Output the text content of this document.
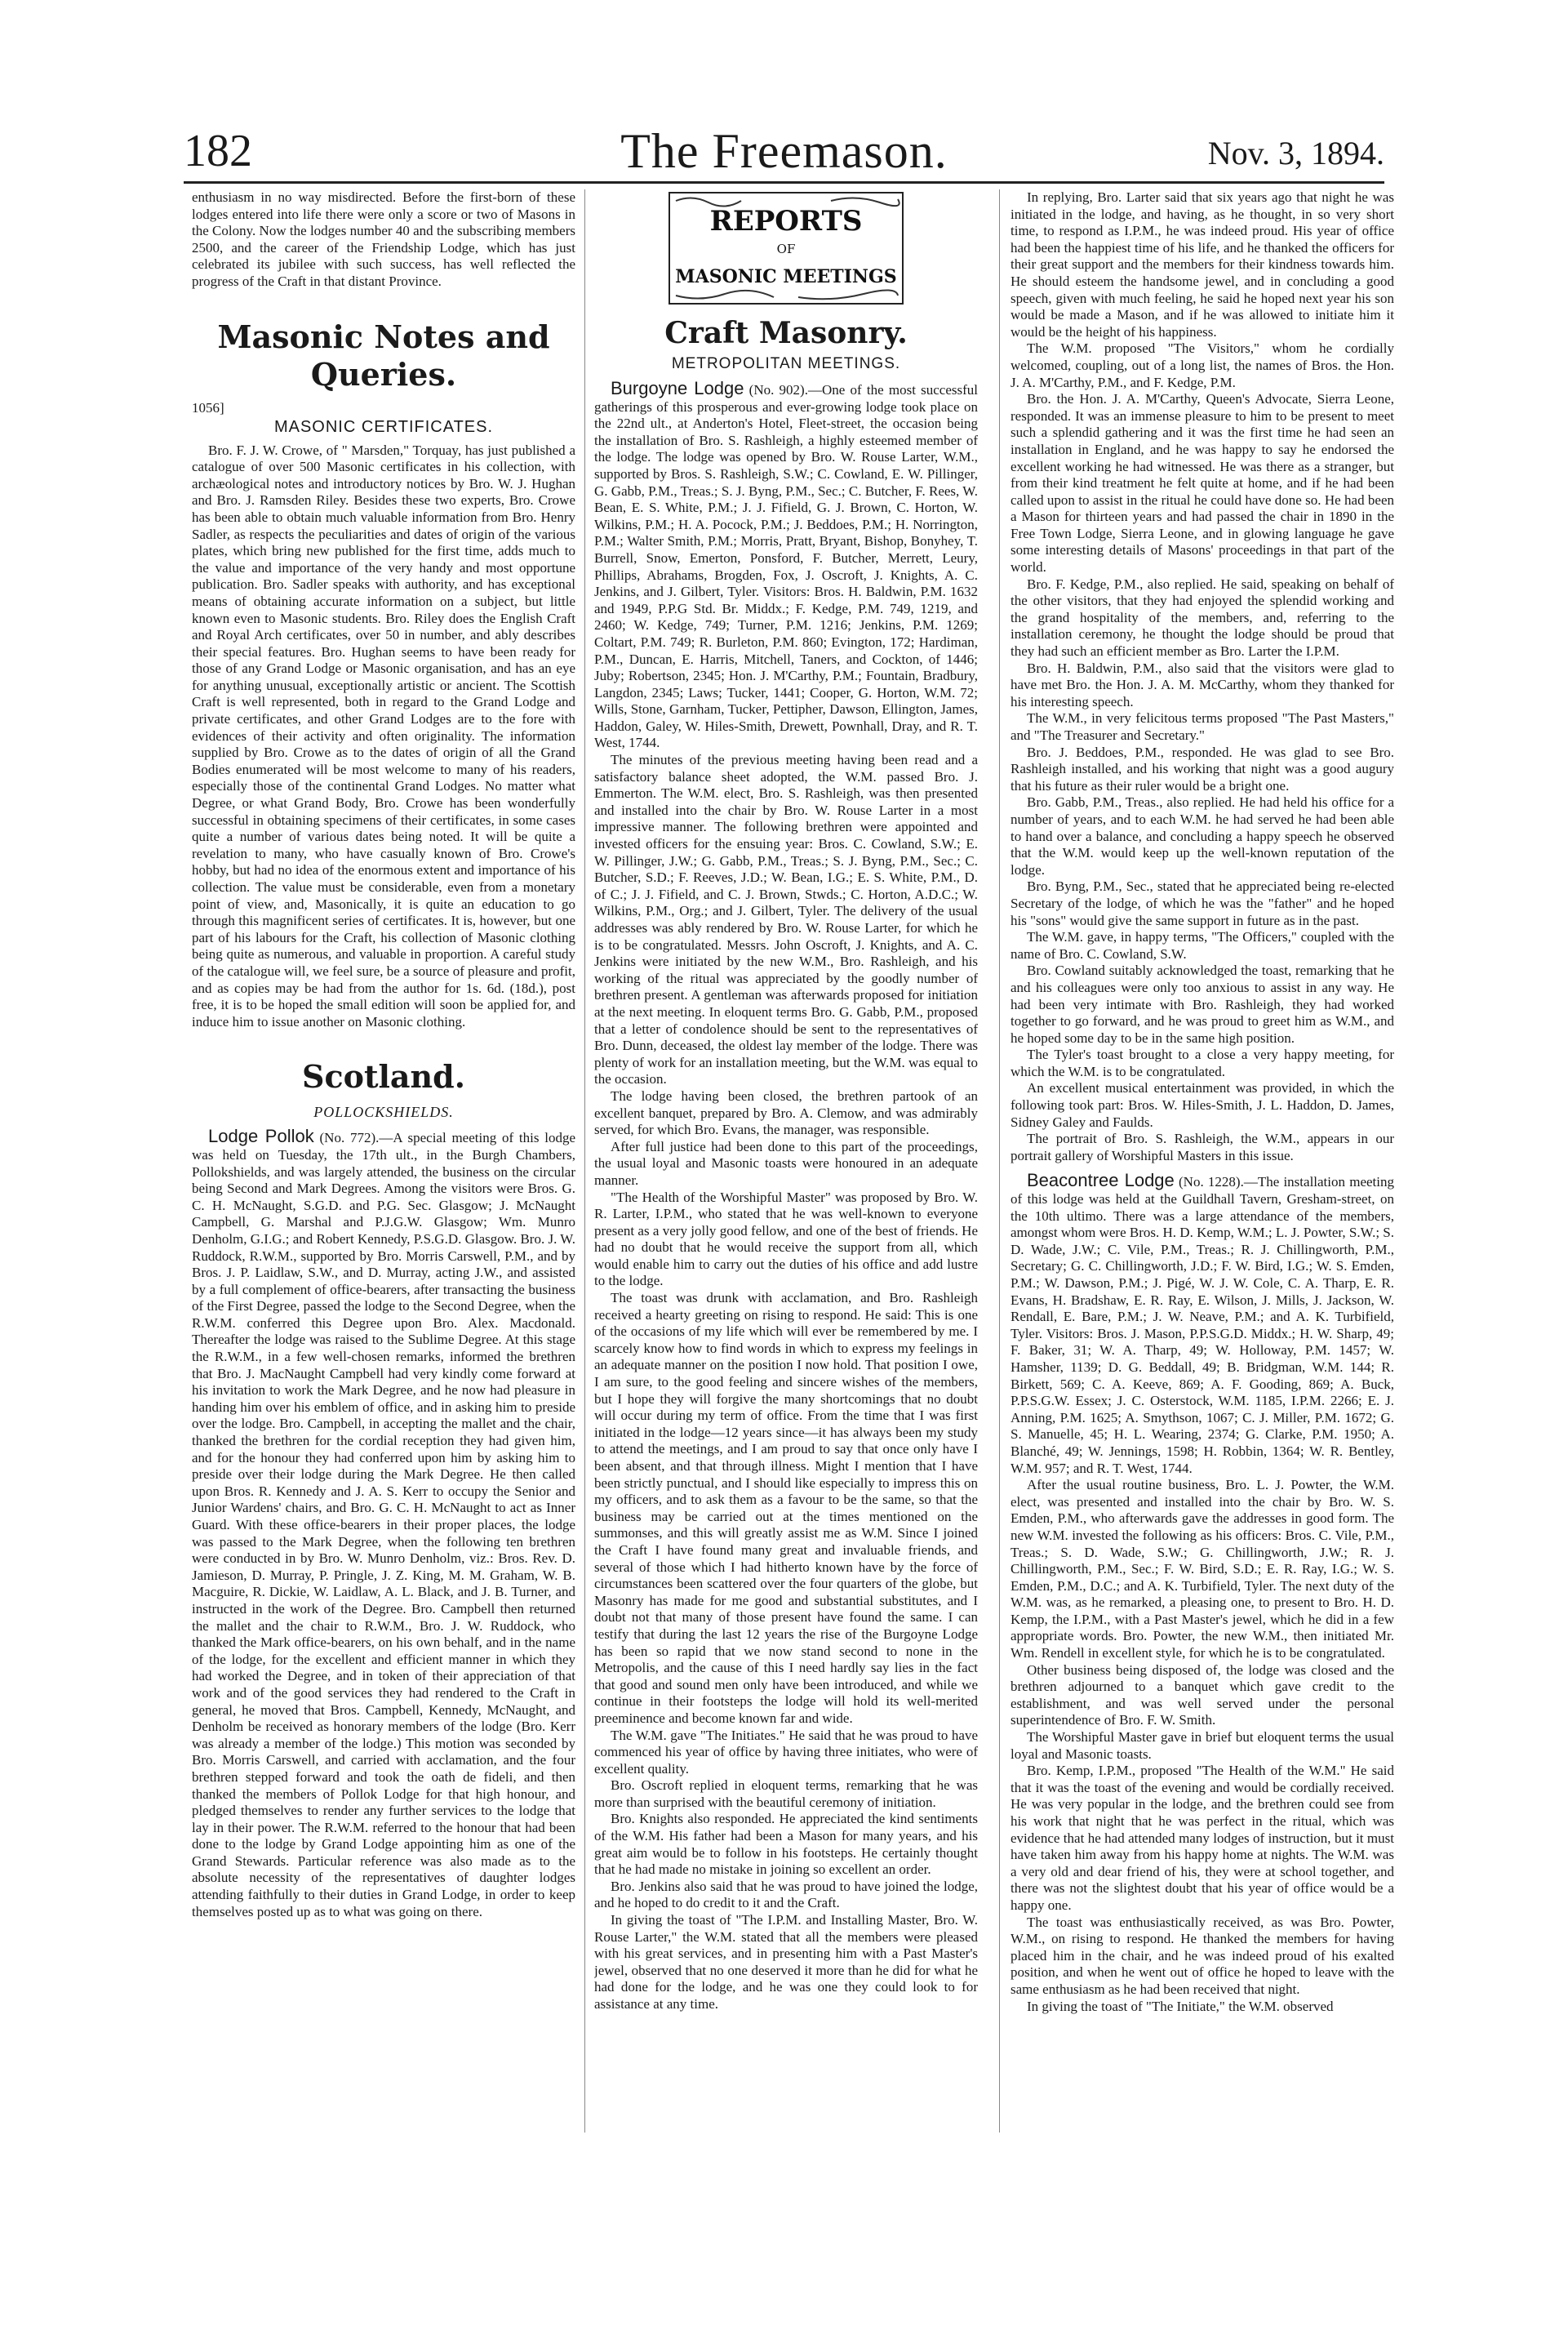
182	The Freemason.	Nov. 3, 1894.

enthusiasm in no way misdirected. Before the first-born of these lodges entered into life there were only a score or two of Masons in the Colony. Now the lodges number 40 and the subscribing members 2500, and the career of the Friendship Lodge, which has just celebrated its jubilee with such success, has well reflected the progress of the Craft in that distant Province.

Masonic Notes and Queries.
1056]
MASONIC CERTIFICATES.

Bro. F. J. W. Crowe, of " Marsden," Torquay, has just published a catalogue of over 500 Masonic certificates in his collection, with archæological notes and introductory notices by Bro. W. J. Hughan and Bro. J. Ramsden Riley. Besides these two experts, Bro. Crowe has been able to obtain much valuable information from Bro. Henry Sadler, as respects the peculiarities and dates of origin of the various plates, which bring new published for the first time, adds much to the value and importance of the very handy and most opportune publication. Bro. Sadler speaks with authority, and has exceptional means of obtaining accurate information on a subject, but little known even to Masonic students. Bro. Riley does the English Craft and Royal Arch certificates, over 50 in number, and ably describes their special features. Bro. Hughan seems to have been ready for those of any Grand Lodge or Masonic organisation, and has an eye for anything unusual, exceptionally artistic or ancient. The Scottish Craft is well represented, both in regard to the Grand Lodge and private certificates, and other Grand Lodges are to the fore with evidences of their activity and often originality. The information supplied by Bro. Crowe as to the dates of origin of all the Grand Bodies enumerated will be most welcome to many of his readers, especially those of the continental Grand Lodges. No matter what Degree, or what Grand Body, Bro. Crowe has been wonderfully successful in obtaining specimens of their certificates, in some cases quite a number of various dates being noted. It will be quite a revelation to many, who have casually known of Bro. Crowe's hobby, but had no idea of the enormous extent and importance of his collection. The value must be considerable, even from a monetary point of view, and, Masonically, it is quite an education to go through this magnificent series of certificates. It is, however, but one part of his labours for the Craft, his collection of Masonic clothing being quite as numerous, and valuable in proportion. A careful study of the catalogue will, we feel sure, be a source of pleasure and profit, and as copies may be had from the author for 1s. 6d. (18d.), post free, it is to be hoped the small edition will soon be applied for, and induce him to issue another on Masonic clothing.

Scotland.
POLLOCKSHIELDS.

Lodge Pollok (No. 772).—A special meeting of this lodge was held on Tuesday, the 17th ult., in the Burgh Chambers, Pollokshields, and was largely attended, the business on the circular being Second and Mark Degrees. Among the visitors were Bros. G. C. H. McNaught, S.G.D. and P.G. Sec. Glasgow; J. McNaught Campbell, G. Marshal and P.J.G.W. Glasgow; Wm. Munro Denholm, G.I.G.; and Robert Kennedy, P.S.G.D. Glasgow. Bro. J. W. Ruddock, R.W.M., supported by Bro. Morris Carswell, P.M., and by Bros. J. P. Laidlaw, S.W., and D. Murray, acting J.W., and assisted by a full complement of office-bearers, after transacting the business of the First Degree, passed the lodge to the Second Degree, when the R.W.M. conferred this Degree upon Bro. Alex. Macdonald. Thereafter the lodge was raised to the Sublime Degree. At this stage the R.W.M., in a few well-chosen remarks, informed the brethren that Bro. J. MacNaught Campbell had very kindly come forward at his invitation to work the Mark Degree, and he now had pleasure in handing him over his emblem of office, and in asking him to preside over the lodge. Bro. Campbell, in accepting the mallet and the chair, thanked the brethren for the cordial reception they had given him, and for the honour they had conferred upon him by asking him to preside over their lodge during the Mark Degree. He then called upon Bros. R. Kennedy and J. A. S. Kerr to occupy the Senior and Junior Wardens' chairs, and Bro. G. C. H. McNaught to act as Inner Guard. With these office-bearers in their proper places, the lodge was passed to the Mark Degree, when the following ten brethren were conducted in by Bro. W. Munro Denholm, viz.: Bros. Rev. D. Jamieson, D. Murray, P. Pringle, J. Z. King, M. M. Graham, W. B. Macguire, R. Dickie, W. Laidlaw, A. L. Black, and J. B. Turner, and instructed in the work of the Degree. Bro. Campbell then returned the mallet and the chair to R.W.M., Bro. J. W. Ruddock, who thanked the Mark office-bearers, on his own behalf, and in the name of the lodge, for the excellent and efficient manner in which they had worked the Degree, and in token of their appreciation of that work and of the good services they had rendered to the Craft in general, he moved that Bros. Campbell, Kennedy, McNaught, and Denholm be received as honorary members of the lodge (Bro. Kerr was already a member of the lodge.) This motion was seconded by Bro. Morris Carswell, and carried with acclamation, and the four brethren stepped forward and took the oath de fideli, and then thanked the members of Pollok Lodge for that high honour, and pledged themselves to render any further services to the lodge that lay in their power. The R.W.M. referred to the honour that had been done to the lodge by Grand Lodge appointing him as one of the Grand Stewards. Particular reference was also made as to the absolute necessity of the representatives of daughter lodges attending faithfully to their duties in Grand Lodge, in order to keep themselves posted up as to what was going on there.

REPORTS
OF
MASONIC MEETINGS
Craft Masonry.
METROPOLITAN MEETINGS.

Burgoyne Lodge (No. 902).—One of the most successful gatherings of this prosperous and ever-growing lodge took place on the 22nd ult., at Anderton's Hotel, Fleet-street, the occasion being the installation of Bro. S. Rashleigh, a highly esteemed member of the lodge. The lodge was opened by Bro. W. Rouse Larter, W.M., supported by Bros. S. Rashleigh, S.W.; C. Cowland, E. W. Pillinger, G. Gabb, P.M., Treas.; S. J. Byng, P.M., Sec.; C. Butcher, F. Rees, W. Bean, E. S. White, P.M.; J. J. Fifield, G. J. Brown, C. Horton, W. Wilkins, P.M.; H. A. Pocock, P.M.; J. Beddoes, P.M.; H. Norrington, P.M.; Walter Smith, P.M.; Morris, Pratt, Bryant, Bishop, Bonyhey, T. Burrell, Snow, Emerton, Ponsford, F. Butcher, Merrett, Leury, Phillips, Abrahams, Brogden, Fox, J. Oscroft, J. Knights, A. C. Jenkins, and J. Gilbert, Tyler. Visitors: Bros. H. Baldwin, P.M. 1632 and 1949, P.P.G Std. Br. Middx.; F. Kedge, P.M. 749, 1219, and 2460; W. Kedge, 749; Turner, P.M. 1216; Jenkins, P.M. 1269; Coltart, P.M. 749; R. Burleton, P.M. 860; Evington, 172; Hardiman, P.M., Duncan, E. Harris, Mitchell, Taners, and Cockton, of 1446; Juby; Robertson, 2345; Hon. J. M'Carthy, P.M.; Fountain, Bradbury, Langdon, 2345; Laws; Tucker, 1441; Cooper, G. Horton, W.M. 72; Wills, Stone, Garnham, Tucker, Pettipher, Dawson, Ellington, James, Haddon, Galey, W. Hiles-Smith, Drewett, Pownhall, Dray, and R. T. West, 1744.

The minutes of the previous meeting having been read and a satisfactory balance sheet adopted, the W.M. passed Bro. J. Emmerton. The W.M. elect, Bro. S. Rashleigh, was then presented and installed into the chair by Bro. W. Rouse Larter in a most impressive manner. The following brethren were appointed and invested officers for the ensuing year: Bros. C. Cowland, S.W.; E. W. Pillinger, J.W.; G. Gabb, P.M., Treas.; S. J. Byng, P.M., Sec.; C. Butcher, S.D.; F. Reeves, J.D.; W. Bean, I.G.; E. S. White, P.M., D. of C.; J. J. Fifield, and C. J. Brown, Stwds.; C. Horton, A.D.C.; W. Wilkins, P.M., Org.; and J. Gilbert, Tyler. The delivery of the usual addresses was ably rendered by Bro. W. Rouse Larter, for which he is to be congratulated. Messrs. John Oscroft, J. Knights, and A. C. Jenkins were initiated by the new W.M., Bro. Rashleigh, and his working of the ritual was appreciated by the goodly number of brethren present. A gentleman was afterwards proposed for initiation at the next meeting. In eloquent terms Bro. G. Gabb, P.M., proposed that a letter of condolence should be sent to the representatives of Bro. Dunn, deceased, the oldest lay member of the lodge. There was plenty of work for an installation meeting, but the W.M. was equal to the occasion.

The lodge having been closed, the brethren partook of an excellent banquet, prepared by Bro. A. Clemow, and was admirably served, for which Bro. Evans, the manager, was responsible.

After full justice had been done to this part of the proceedings, the usual loyal and Masonic toasts were honoured in an adequate manner.

"The Health of the Worshipful Master" was proposed by Bro. W. R. Larter, I.P.M., who stated that he was well-known to everyone present as a very jolly good fellow, and one of the best of friends. He had no doubt that he would receive the support from all, which would enable him to carry out the duties of his office and add lustre to the lodge.

The toast was drunk with acclamation, and Bro. Rashleigh received a hearty greeting on rising to respond. He said: This is one of the occasions of my life which will ever be remembered by me. I scarcely know how to find words in which to express my feelings in an adequate manner on the position I now hold. That position I owe, I am sure, to the good feeling and sincere wishes of the members, but I hope they will forgive the many shortcomings that no doubt will occur during my term of office. From the time that I was first initiated in the lodge—12 years since—it has always been my study to attend the meetings, and I am proud to say that once only have I been absent, and that through illness. Might I mention that I have been strictly punctual, and I should like especially to impress this on my officers, and to ask them as a favour to be the same, so that the business may be carried out at the times mentioned on the summonses, and this will greatly assist me as W.M. Since I joined the Craft I have found many great and invaluable friends, and several of those which I had hitherto known have by the force of circumstances been scattered over the four quarters of the globe, but Masonry has made for me good and substantial substitutes, and I doubt not that many of those present have found the same. I can testify that during the last 12 years the rise of the Burgoyne Lodge has been so rapid that we now stand second to none in the Metropolis, and the cause of this I need hardly say lies in the fact that good and sound men only have been introduced, and while we continue in their footsteps the lodge will hold its well-merited preeminence and become known far and wide.

The W.M. gave "The Initiates." He said that he was proud to have commenced his year of office by having three initiates, who were of excellent quality.

Bro. Oscroft replied in eloquent terms, remarking that he was more than surprised with the beautiful ceremony of initiation.

Bro. Knights also responded. He appreciated the kind sentiments of the W.M. His father had been a Mason for many years, and his great aim would be to follow in his footsteps. He certainly thought that he had made no mistake in joining so excellent an order.

Bro. Jenkins also said that he was proud to have joined the lodge, and he hoped to do credit to it and the Craft.

In giving the toast of "The I.P.M. and Installing Master, Bro. W. Rouse Larter," the W.M. stated that all the members were pleased with his great services, and in presenting him with a Past Master's jewel, observed that no one deserved it more than he did for what he had done for the lodge, and he was one they could look to for assistance at any time.

In replying, Bro. Larter said that six years ago that night he was initiated in the lodge, and having, as he thought, in so very short time, to respond as I.P.M., he was indeed proud. His year of office had been the happiest time of his life, and he thanked the officers for their great support and the members for their kindness towards him. He should esteem the handsome jewel, and in concluding a good speech, given with much feeling, he said he hoped next year his son would be made a Mason, and if he was allowed to initiate him it would be the height of his happiness.

The W.M. proposed "The Visitors," whom he cordially welcomed, coupling, out of a long list, the names of Bros. the Hon. J. A. M'Carthy, P.M., and F. Kedge, P.M.

Bro. the Hon. J. A. M'Carthy, Queen's Advocate, Sierra Leone, responded. It was an immense pleasure to him to be present to meet such a splendid gathering and it was the first time he had seen an installation in England, and he was happy to say he endorsed the excellent working he had witnessed. He was there as a stranger, but from their kind treatment he felt quite at home, and if he had been called upon to assist in the ritual he could have done so. He had been a Mason for thirteen years and had passed the chair in 1890 in the Free Town Lodge, Sierra Leone, and in glowing language he gave some interesting details of Masons' proceedings in that part of the world.

Bro. F. Kedge, P.M., also replied. He said, speaking on behalf of the other visitors, that they had enjoyed the splendid working and the grand hospitality of the members, and, referring to the installation ceremony, he thought the lodge should be proud that they had such an efficient member as Bro. Larter the I.P.M.

Bro. H. Baldwin, P.M., also said that the visitors were glad to have met Bro. the Hon. J. A. M. McCarthy, whom they thanked for his interesting speech.

The W.M., in very felicitous terms proposed "The Past Masters," and "The Treasurer and Secretary."

Bro. J. Beddoes, P.M., responded. He was glad to see Bro. Rashleigh installed, and his working that night was a good augury that his future as their ruler would be a bright one.

Bro. Gabb, P.M., Treas., also replied. He had held his office for a number of years, and to each W.M. he had served he had been able to hand over a balance, and concluding a happy speech he observed that the W.M. would keep up the well-known reputation of the lodge.

Bro. Byng, P.M., Sec., stated that he appreciated being re-elected Secretary of the lodge, of which he was the "father" and he hoped his "sons" would give the same support in future as in the past.

The W.M. gave, in happy terms, "The Officers," coupled with the name of Bro. C. Cowland, S.W.

Bro. Cowland suitably acknowledged the toast, remarking that he and his colleagues were only too anxious to assist in any way. He had been very intimate with Bro. Rashleigh, they had worked together to go forward, and he was proud to greet him as W.M., and he hoped some day to be in the same high position.

The Tyler's toast brought to a close a very happy meeting, for which the W.M. is to be congratulated.

An excellent musical entertainment was provided, in which the following took part: Bros. W. Hiles-Smith, J. L. Haddon, D. James, Sidney Galey and Faulds.

The portrait of Bro. S. Rashleigh, the W.M., appears in our portrait gallery of Worshipful Masters in this issue.

Beacontree Lodge (No. 1228).—The installation meeting of this lodge was held at the Guildhall Tavern, Gresham-street, on the 10th ultimo. There was a large attendance of the members, amongst whom were Bros. H. D. Kemp, W.M.; L. J. Powter, S.W.; S. D. Wade, J.W.; C. Vile, P.M., Treas.; R. J. Chillingworth, P.M., Secretary; G. C. Chillingworth, J.D.; F. W. Bird, I.G.; W. S. Emden, P.M.; W. Dawson, P.M.; J. Pigé, W. J. W. Cole, C. A. Tharp, E. R. Evans, H. Bradshaw, E. R. Ray, E. Wilson, J. Mills, J. Jackson, W. Rendall, E. Bare, P.M.; J. W. Neave, P.M.; and A. K. Turbifield, Tyler. Visitors: Bros. J. Mason, P.P.S.G.D. Middx.; H. W. Sharp, 49; F. Baker, 31; W. A. Tharp, 49; W. Holloway, P.M. 1457; W. Hamsher, 1139; D. G. Beddall, 49; B. Bridgman, W.M. 144; R. Birkett, 569; C. A. Keeve, 869; A. F. Gooding, 869; A. Buck, P.P.S.G.W. Essex; J. C. Osterstock, W.M. 1185, I.P.M. 2266; E. J. Anning, P.M. 1625; A. Smythson, 1067; C. J. Miller, P.M. 1672; G. S. Manuelle, 45; H. L. Wearing, 2374; G. Clarke, P.M. 1950; A. Blanché, 49; W. Jennings, 1598; H. Robbin, 1364; W. R. Bentley, W.M. 957; and R. T. West, 1744.

After the usual routine business, Bro. L. J. Powter, the W.M. elect, was presented and installed into the chair by Bro. W. S. Emden, P.M., who afterwards gave the addresses in good form. The new W.M. invested the following as his officers: Bros. C. Vile, P.M., Treas.; S. D. Wade, S.W.; G. Chillingworth, J.W.; R. J. Chillingworth, P.M., Sec.; F. W. Bird, S.D.; E. R. Ray, I.G.; W. S. Emden, P.M., D.C.; and A. K. Turbifield, Tyler. The next duty of the W.M. was, as he remarked, a pleasing one, to present to Bro. H. D. Kemp, the I.P.M., with a Past Master's jewel, which he did in a few appropriate words. Bro. Powter, the new W.M., then initiated Mr. Wm. Rendell in excellent style, for which he is to be congratulated.

Other business being disposed of, the lodge was closed and the brethren adjourned to a banquet which gave credit to the establishment, and was well served under the personal superintendence of Bro. F. W. Smith.

The Worshipful Master gave in brief but eloquent terms the usual loyal and Masonic toasts.

Bro. Kemp, I.P.M., proposed "The Health of the W.M." He said that it was the toast of the evening and would be cordially received. He was very popular in the lodge, and the brethren could see from his work that night that he was perfect in the ritual, which was evidence that he had attended many lodges of instruction, but it must have taken him away from his happy home at nights. The W.M. was a very old and dear friend of his, they were at school together, and there was not the slightest doubt that his year of office would be a happy one.

The toast was enthusiastically received, as was Bro. Powter, W.M., on rising to respond. He thanked the members for having placed him in the chair, and he was indeed proud of his exalted position, and when he went out of office he hoped to leave with the same enthusiasm as he had been received that night.

In giving the toast of "The Initiate," the W.M. observed
